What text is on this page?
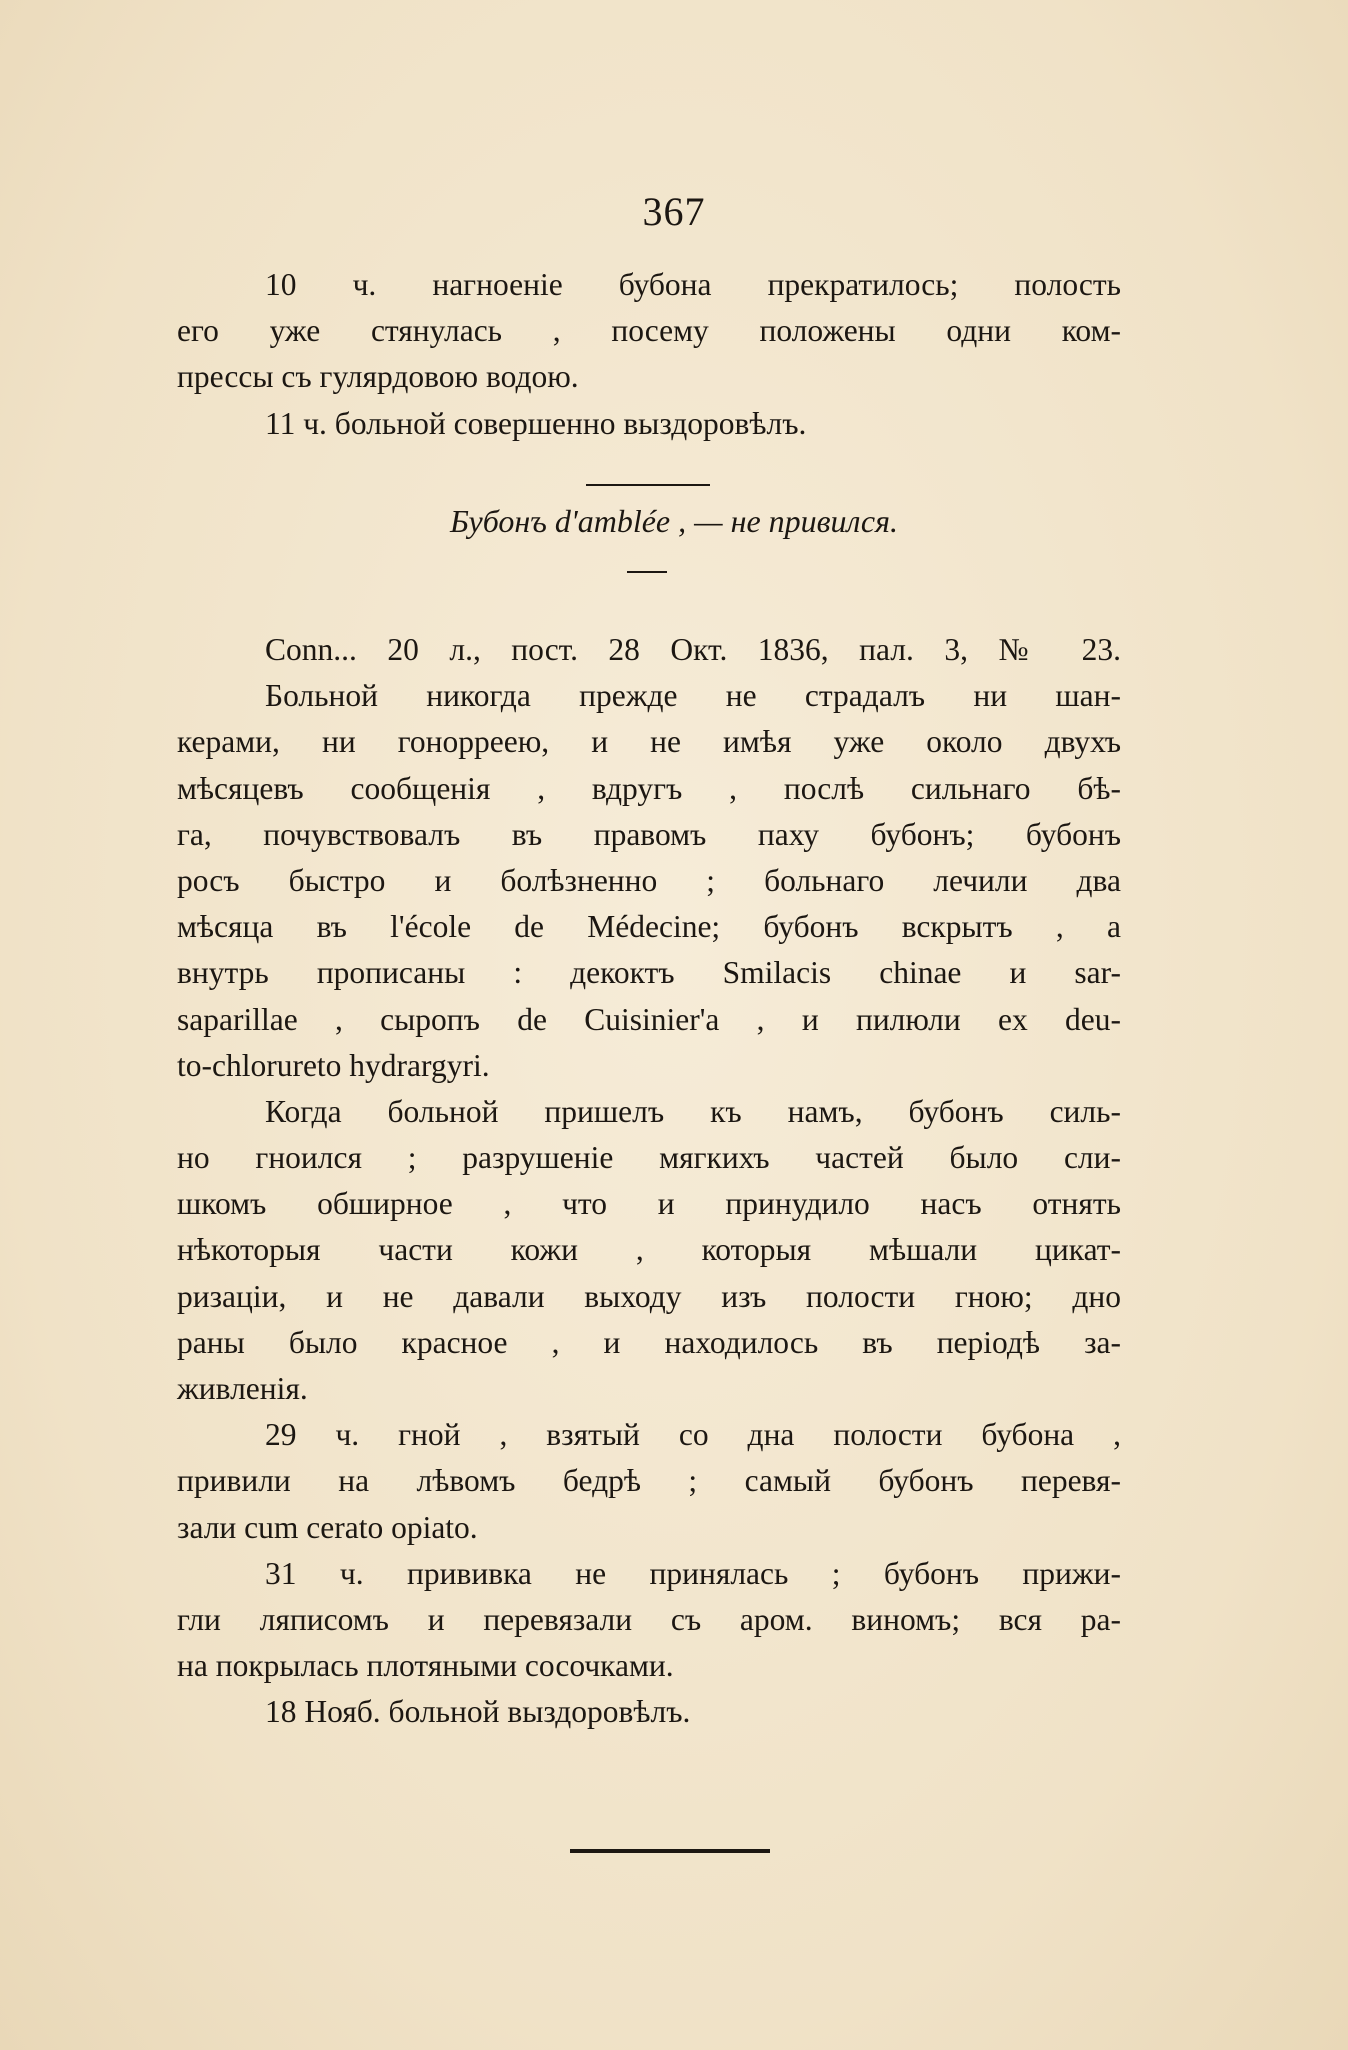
367
10 ч. нагноеніе бубона прекратилось; полость
его уже стянулась , посему положены одни ком-
прессы съ гулярдовою водою.
11 ч. больной совершенно выздоровѣлъ.
Бубонъ d'amblée , — не привился.
Conn... 20 л., пост. 28 Окт. 1836, пал. 3, № 23.
Больной никогда прежде не страдалъ ни шан-
керами, ни гонорреею, и не имѣя уже около двухъ
мѣсяцевъ сообщенія , вдругъ , послѣ сильнаго бѣ-
га, почувствовалъ въ правомъ паху бубонъ; бубонъ
росъ быстро и болѣзненно ; больнаго лечили два
мѣсяца въ l'école de Médecine; бубонъ вскрытъ , а
внутрь прописаны : декоктъ Smilacis chinae и sar-
saparillae , сыропъ de Cuisinier'a , и пилюли ex deu-
to-chlorureto hydrargyri.
Когда больной пришелъ къ намъ, бубонъ силь-
но гноился ; разрушеніе мягкихъ частей было сли-
шкомъ обширное , что и принудило насъ отнять
нѣкоторыя части кожи , которыя мѣшали цикат-
ризаціи, и не давали выходу изъ полости гною; дно
раны было красное , и находилось въ періодѣ за-
живленія.
29 ч. гной , взятый со дна полости бубона ,
привили на лѣвомъ бедрѣ ; самый бубонъ перевя-
зали cum cerato opiato.
31 ч. прививка не принялась ; бубонъ прижи-
гли ляписомъ и перевязали съ аром. виномъ; вся ра-
на покрылась плотяными сосочками.
18 Нояб. больной выздоровѣлъ.
